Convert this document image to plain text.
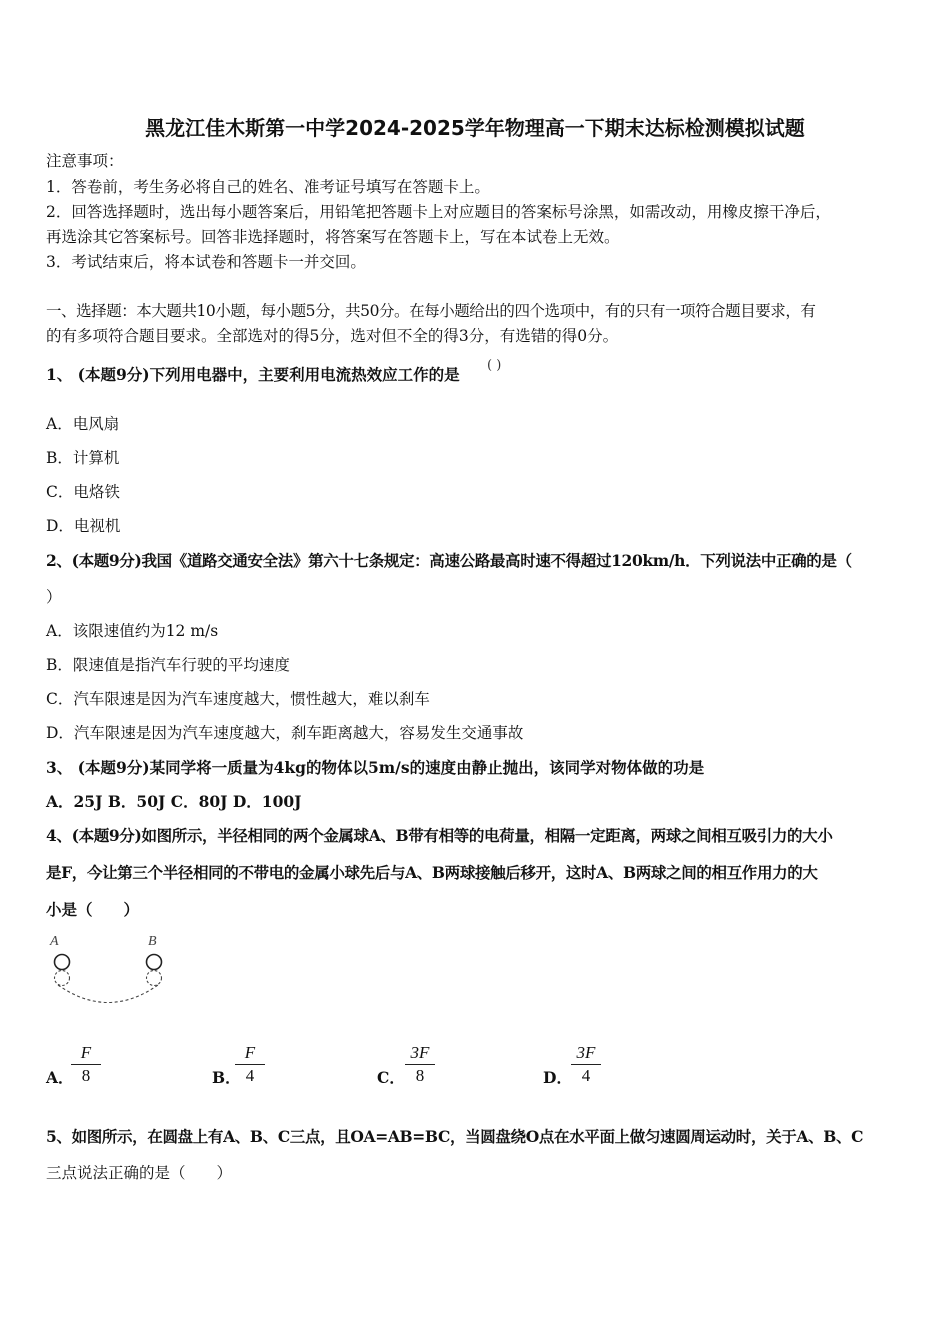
黑龙江佳木斯第一中学2024-2025学年物理高一下期末达标检测模拟试题
注意事项：
1．答卷前，考生务必将自己的姓名、准考证号填写在答题卡上。
2．回答选择题时，选出每小题答案后，用铅笔把答题卡上对应题目的答案标号涂黑，如需改动，用橡皮擦干净后，
再选涂其它答案标号。回答非选择题时，将答案写在答题卡上，写在本试卷上无效。
3．考试结束后，将本试卷和答题卡一并交回。
一、选择题：本大题共10小题，每小题5分，共50分。在每小题给出的四个选项中，有的只有一项符合题目要求，有
的有多项符合题目要求。全部选对的得5分，选对但不全的得3分，有选错的得0分。
1、 (本题9分)下列用电器中，主要利用电流热效应工作的是	( )
A．电风扇
B．计算机
C．电烙铁
D．电视机
2、(本题9分)我国《道路交通安全法》第六十七条规定：高速公路最高时速不得超过120km/h．下列说法中正确的是（
）
A．该限速值约为12 m/s
B．限速值是指汽车行驶的平均速度
C．汽车限速是因为汽车速度越大，惯性越大，难以刹车
D．汽车限速是因为汽车速度越大，刹车距离越大，容易发生交通事故
3、 (本题9分)某同学将一质量为4kg的物体以5m/s的速度由静止抛出，该同学对物体做的功是
A．25J B．50J C．80J D．100J
4、(本题9分)如图所示，半径相同的两个金属球A、B带有相等的电荷量，相隔一定距离，两球之间相互吸引力的大小
是F，今让第三个半径相同的不带电的金属小球先后与A、B两球接触后移开，这时A、B两球之间的相互作用力的大
小是（　　）
A	B
A．
$\frac{F}{8}$	B．
$\frac{F}{4}$	C． $\frac{3F}{8}$	D． $\frac{3F}{4}$
5、如图所示，在圆盘上有A、B、C三点，且OA=AB=BC，当圆盘绕O点在水平面上做匀速圆周运动时，关于A、B、C
三点说法正确的是（　　）
